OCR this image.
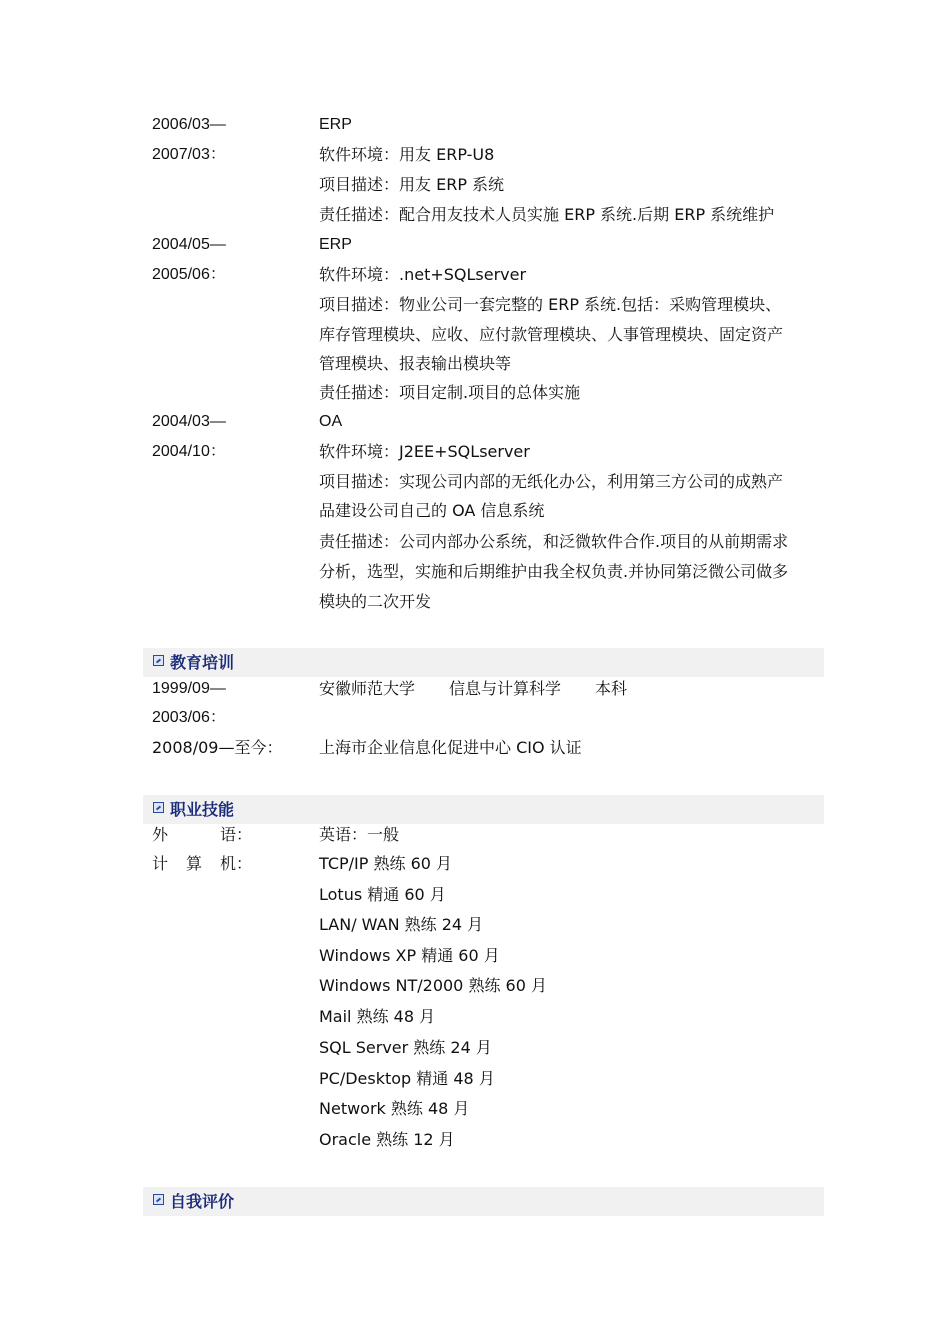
2006/03—	ERP
2007/03：	软件环境：用友 ERP-U8
项目描述：用友 ERP 系统
责任描述：配合用友技术人员实施 ERP 系统.后期 ERP 系统维护
2004/05—	ERP
2005/06：	软件环境：.net+SQLserver
项目描述：物业公司一套完整的 ERP 系统.包括：采购管理模块、
库存管理模块、应收、应付款管理模块、人事管理模块、固定资产
管理模块、报表输出模块等
责任描述：项目定制.项目的总体实施
2004/03—	OA
2004/10：	软件环境：J2EE+SQLserver
项目描述：实现公司内部的无纸化办公，利用第三方公司的成熟产
品建设公司自己的 OA 信息系统
责任描述：公司内部办公系统，和泛微软件合作.项目的从前期需求
分析，选型，实施和后期维护由我全权负责.并协同第泛微公司做多
模块的二次开发
教育培训
1999/09—	安徽师范大学 信息与计算科学 本科
2003/06：
2008/09—至今： 上海市企业信息化促进中心 CIO 认证
职业技能
外	语：	英语：一般
计 算 机：	TCP/IP 熟练 60 月
Lotus 精通 60 月
LAN/ WAN 熟练 24 月
Windows XP 精通 60 月
Windows NT/2000 熟练 60 月
Mail 熟练 48 月
SQL Server 熟练 24 月
PC/Desktop 精通 48 月
Network 熟练 48 月
Oracle 熟练 12 月
自我评价
